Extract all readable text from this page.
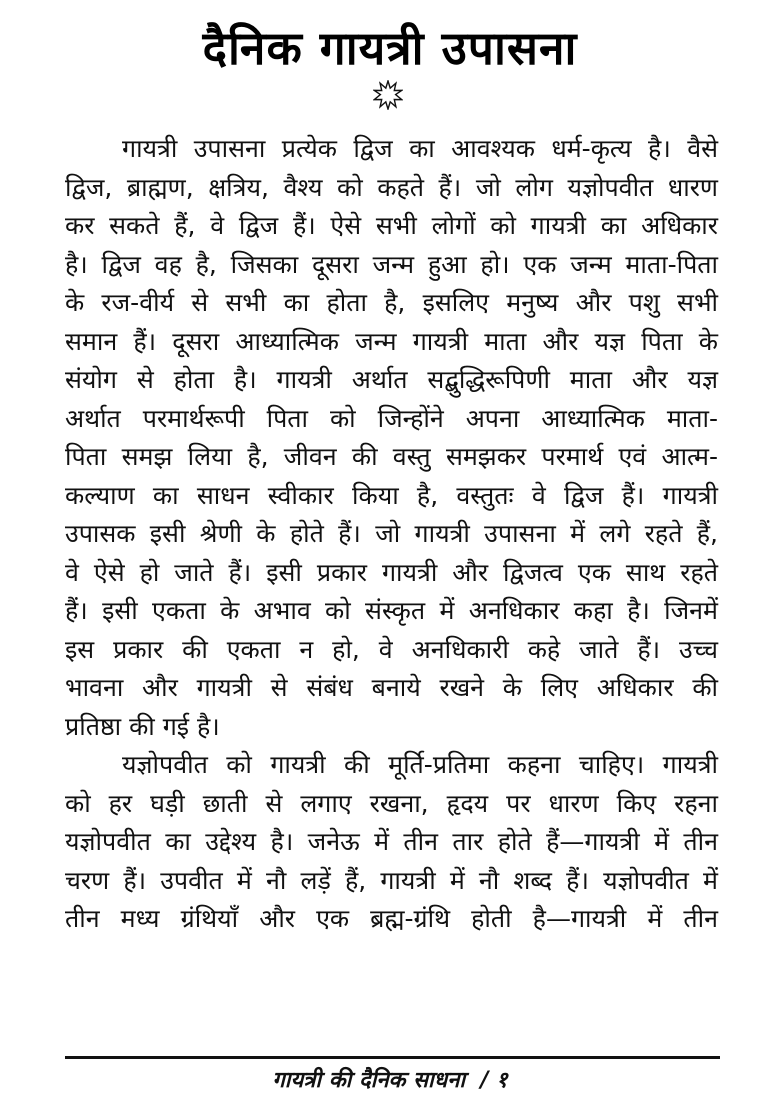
दैनिक गायत्री उपासना
गायत्री उपासना प्रत्येक द्विज का आवश्यक धर्म-कृत्य है। वैसे
द्विज, ब्राह्मण, क्षत्रिय, वैश्य को कहते हैं। जो लोग यज्ञोपवीत धारण
कर सकते हैं, वे द्विज हैं। ऐसे सभी लोगों को गायत्री का अधिकार
है। द्विज वह है, जिसका दूसरा जन्म हुआ हो। एक जन्म माता-पिता
के रज-वीर्य से सभी का होता है, इसलिए मनुष्य और पशु सभी
समान हैं। दूसरा आध्यात्मिक जन्म गायत्री माता और यज्ञ पिता के
संयोग से होता है। गायत्री अर्थात सद्बुद्धिरूपिणी माता और यज्ञ
अर्थात परमार्थरूपी पिता को जिन्होंने अपना आध्यात्मिक माता-
पिता समझ लिया है, जीवन की वस्तु समझकर परमार्थ एवं आत्म-
कल्याण का साधन स्वीकार किया है, वस्तुतः वे द्विज हैं। गायत्री
उपासक इसी श्रेणी के होते हैं। जो गायत्री उपासना में लगे रहते हैं,
वे ऐसे हो जाते हैं। इसी प्रकार गायत्री और द्विजत्व एक साथ रहते
हैं। इसी एकता के अभाव को संस्कृत में अनधिकार कहा है। जिनमें
इस प्रकार की एकता न हो, वे अनधिकारी कहे जाते हैं। उच्च
भावना और गायत्री से संबंध बनाये रखने के लिए अधिकार की
प्रतिष्ठा की गई है।
यज्ञोपवीत को गायत्री की मूर्ति-प्रतिमा कहना चाहिए। गायत्री
को हर घड़ी छाती से लगाए रखना, हृदय पर धारण किए रहना
यज्ञोपवीत का उद्देश्य है। जनेऊ में तीन तार होते हैं—गायत्री में तीन
चरण हैं। उपवीत में नौ लड़ें हैं, गायत्री में नौ शब्द हैं। यज्ञोपवीत में
तीन मध्य ग्रंथियाँ और एक ब्रह्म-ग्रंथि होती है—गायत्री में तीन
गायत्री की दैनिक साधना / १
